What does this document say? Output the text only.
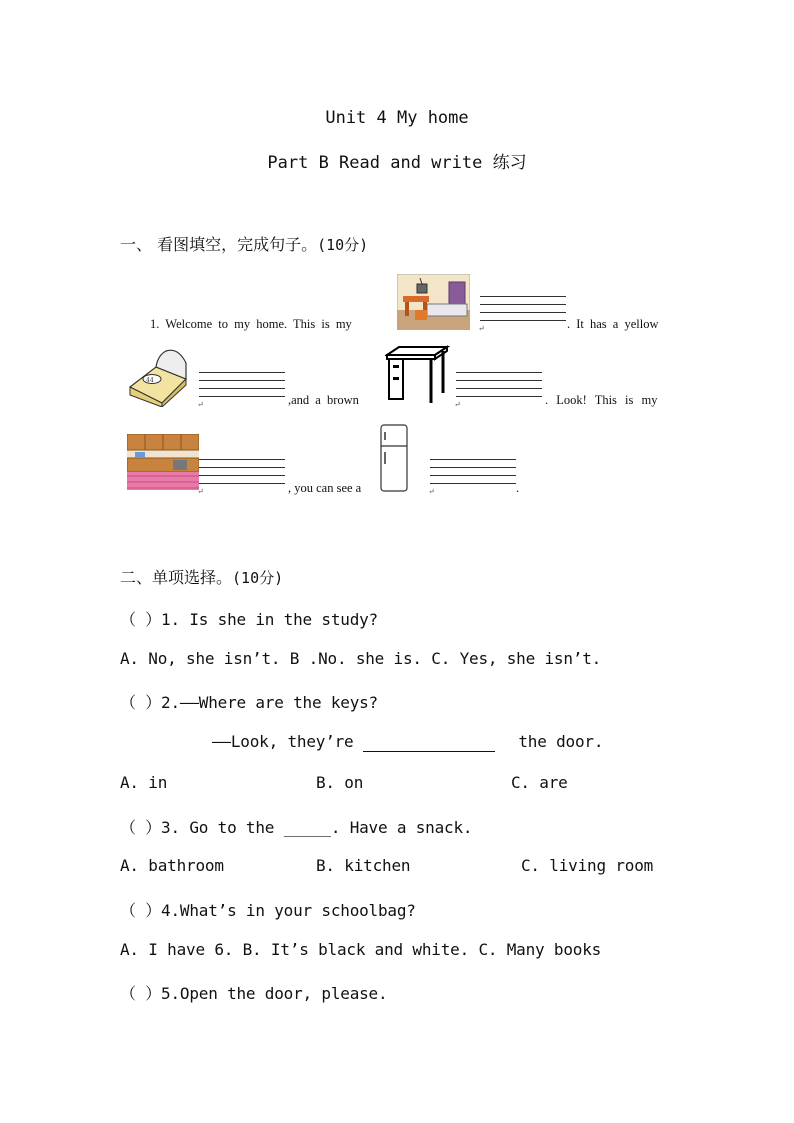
Unit 4 My home
Part B Read and write 练习
一、 看图填空，完成句子。(10分)
1. Welcome to my home. This is my	↵	. It has a yellow
44
↵	,and a brown	↵	. Look! This is my
↵	, you can see a	↵	.
二、单项选择。(10分)
（ ）1. Is she in the study?
A. No, she isn’t. B .No. she is. C. Yes, she isn’t.
（ ）2.——Where are the keys?
——Look, they’re	the door.
A. in	B. on	C. are
（ ）3. Go to the _____. Have a snack.
A. bathroom	B. kitchen	C. living room
（ ）4.What’s in your schoolbag?
A. I have 6. B. It’s black and white. C. Many books
（ ）5.Open the door, please.
